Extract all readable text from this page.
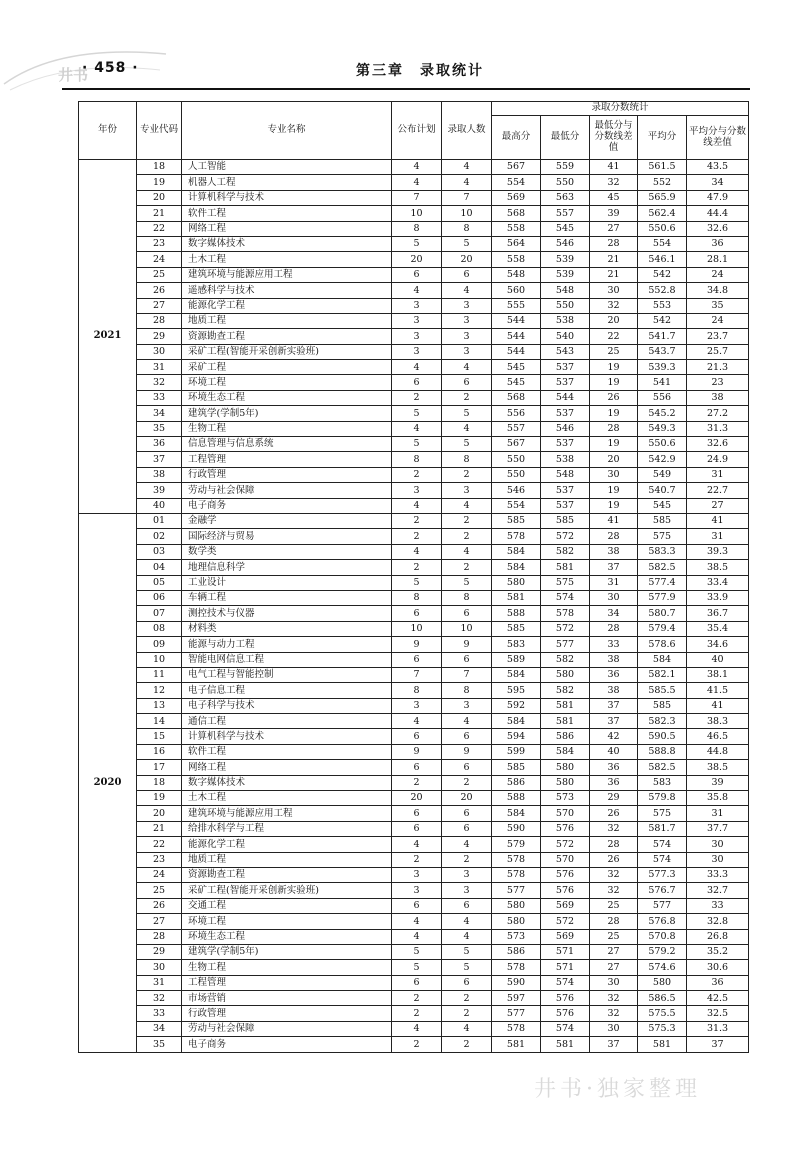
井书
· 458 ·	第三章　录取统计
年份	专业代码	专业名称	公布计划	录取人数	录取分数统计				
					最高分	最低分	最低分与分数线差值	平均分	平均分与分数线差值
2021	18	人工智能	4	4	567	559	41	561.5	43.5
	19	机器人工程	4	4	554	550	32	552	34
	20	计算机科学与技术	7	7	569	563	45	565.9	47.9
	21	软件工程	10	10	568	557	39	562.4	44.4
	22	网络工程	8	8	558	545	27	550.6	32.6
	23	数字媒体技术	5	5	564	546	28	554	36
	24	土木工程	20	20	558	539	21	546.1	28.1
	25	建筑环境与能源应用工程	6	6	548	539	21	542	24
	26	遥感科学与技术	4	4	560	548	30	552.8	34.8
	27	能源化学工程	3	3	555	550	32	553	35
	28	地质工程	3	3	544	538	20	542	24
	29	资源勘查工程	3	3	544	540	22	541.7	23.7
	30	采矿工程(智能开采创新实验班)	3	3	544	543	25	543.7	25.7
	31	采矿工程	4	4	545	537	19	539.3	21.3
	32	环境工程	6	6	545	537	19	541	23
	33	环境生态工程	2	2	568	544	26	556	38
	34	建筑学(学制5年)	5	5	556	537	19	545.2	27.2
	35	生物工程	4	4	557	546	28	549.3	31.3
	36	信息管理与信息系统	5	5	567	537	19	550.6	32.6
	37	工程管理	8	8	550	538	20	542.9	24.9
	38	行政管理	2	2	550	548	30	549	31
	39	劳动与社会保障	3	3	546	537	19	540.7	22.7
	40	电子商务	4	4	554	537	19	545	27
2020	01	金融学	2	2	585	585	41	585	41
	02	国际经济与贸易	2	2	578	572	28	575	31
	03	数学类	4	4	584	582	38	583.3	39.3
	04	地理信息科学	2	2	584	581	37	582.5	38.5
	05	工业设计	5	5	580	575	31	577.4	33.4
	06	车辆工程	8	8	581	574	30	577.9	33.9
	07	测控技术与仪器	6	6	588	578	34	580.7	36.7
	08	材料类	10	10	585	572	28	579.4	35.4
	09	能源与动力工程	9	9	583	577	33	578.6	34.6
	10	智能电网信息工程	6	6	589	582	38	584	40
	11	电气工程与智能控制	7	7	584	580	36	582.1	38.1
	12	电子信息工程	8	8	595	582	38	585.5	41.5
	13	电子科学与技术	3	3	592	581	37	585	41
	14	通信工程	4	4	584	581	37	582.3	38.3
	15	计算机科学与技术	6	6	594	586	42	590.5	46.5
	16	软件工程	9	9	599	584	40	588.8	44.8
	17	网络工程	6	6	585	580	36	582.5	38.5
	18	数字媒体技术	2	2	586	580	36	583	39
	19	土木工程	20	20	588	573	29	579.8	35.8
	20	建筑环境与能源应用工程	6	6	584	570	26	575	31
	21	给排水科学与工程	6	6	590	576	32	581.7	37.7
	22	能源化学工程	4	4	579	572	28	574	30
	23	地质工程	2	2	578	570	26	574	30
	24	资源勘查工程	3	3	578	576	32	577.3	33.3
	25	采矿工程(智能开采创新实验班)	3	3	577	576	32	576.7	32.7
	26	交通工程	6	6	580	569	25	577	33
	27	环境工程	4	4	580	572	28	576.8	32.8
	28	环境生态工程	4	4	573	569	25	570.8	26.8
	29	建筑学(学制5年)	5	5	586	571	27	579.2	35.2
	30	生物工程	5	5	578	571	27	574.6	30.6
	31	工程管理	6	6	590	574	30	580	36
	32	市场营销	2	2	597	576	32	586.5	42.5
	33	行政管理	2	2	577	576	32	575.5	32.5
	34	劳动与社会保障	4	4	578	574	30	575.3	31.3
	35	电子商务	2	2	581	581	37	581	37
井书·独家整理
